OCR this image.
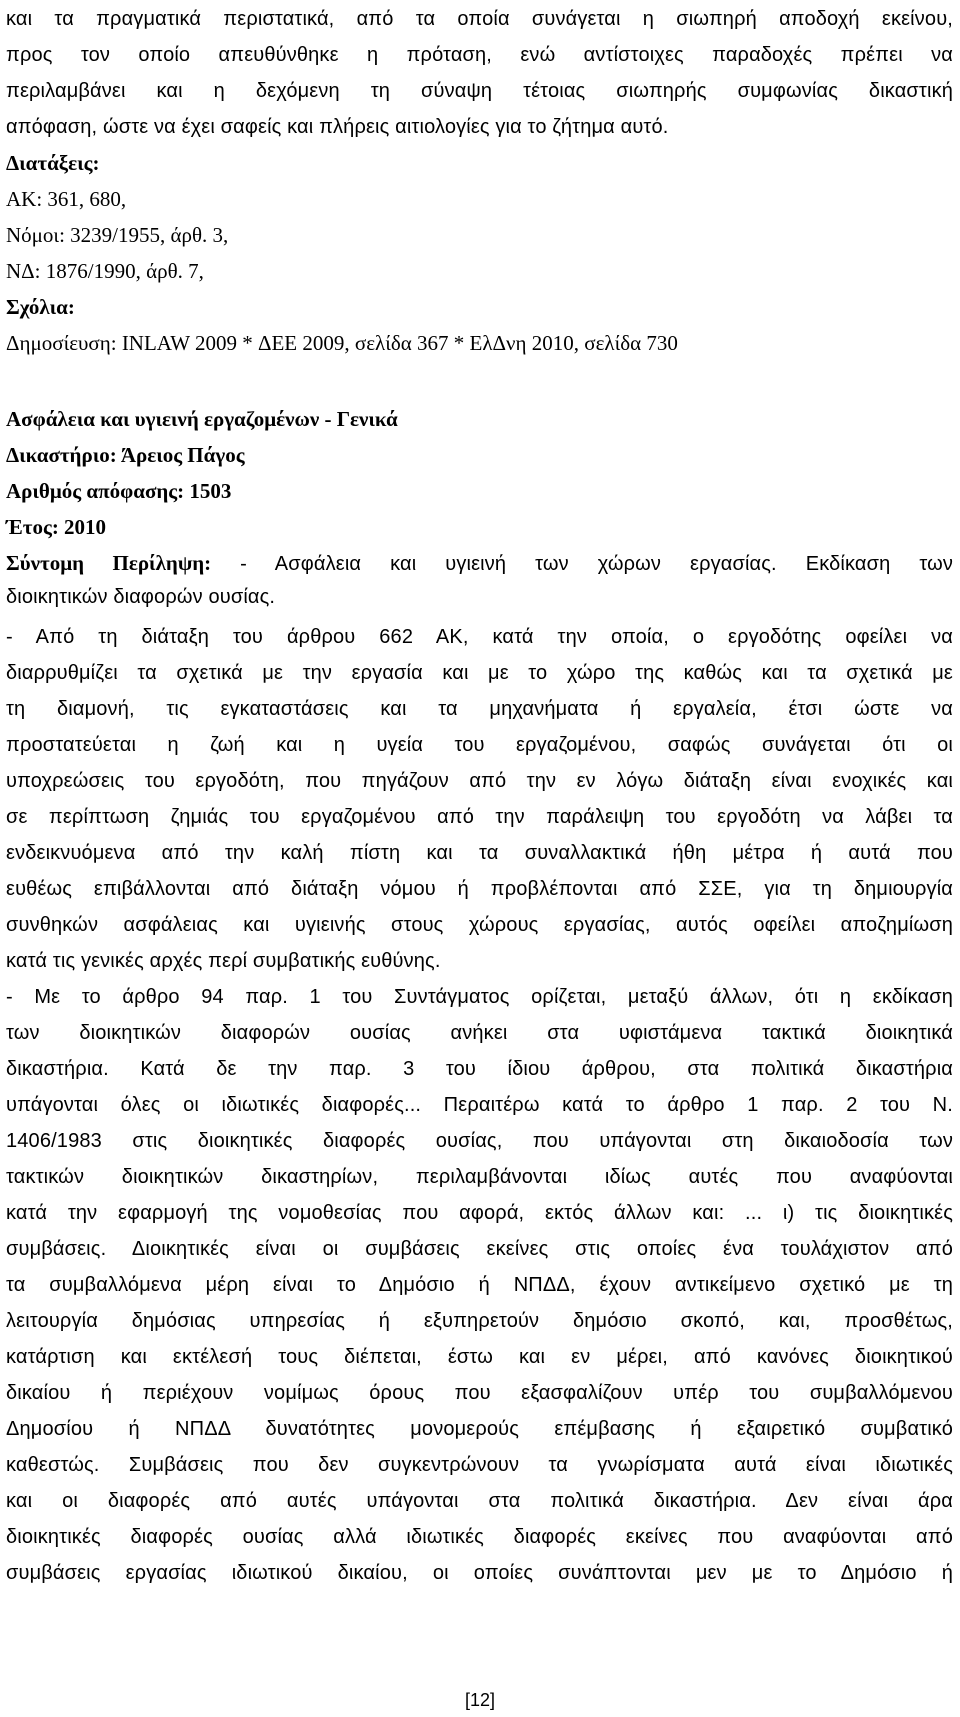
και τα πραγματικά περιστατικά, από τα οποία συνάγεται η σιωπηρή αποδοχή εκείνου,
προς τον οποίο απευθύνθηκε η πρόταση, ενώ αντίστοιχες παραδοχές πρέπει να
περιλαμβάνει και η δεχόμενη τη σύναψη τέτοιας σιωπηρής συμφωνίας δικαστική
απόφαση, ώστε να έχει σαφείς και πλήρεις αιτιολογίες για το ζήτημα αυτό.
Διατάξεις:
ΑΚ: 361, 680,
Νόμοι: 3239/1955, άρθ. 3,
ΝΔ: 1876/1990, άρθ. 7,
Σχόλια:
Δημοσίευση: INLAW 2009 * ΔΕΕ 2009, σελίδα 367 * ΕλΔνη 2010, σελίδα 730
Ασφάλεια και υγιεινή εργαζομένων - Γενικά
Δικαστήριο: Άρειος Πάγος
Αριθμός απόφασης: 1503
Έτος: 2010
Σύντομη Περίληψη: - Ασφάλεια και υγιεινή των χώρων εργασίας. Εκδίκαση των
διοικητικών διαφορών ουσίας.
- Από τη διάταξη του άρθρου 662 ΑΚ, κατά την οποία, ο εργοδότης οφείλει να
διαρρυθμίζει τα σχετικά με την εργασία και με το χώρο της καθώς και τα σχετικά με
τη διαμονή, τις εγκαταστάσεις και τα μηχανήματα ή εργαλεία, έτσι ώστε να
προστατεύεται η ζωή και η υγεία του εργαζομένου, σαφώς συνάγεται ότι οι
υποχρεώσεις του εργοδότη, που πηγάζουν από την εν λόγω διάταξη είναι ενοχικές και
σε περίπτωση ζημιάς του εργαζομένου από την παράλειψη του εργοδότη να λάβει τα
ενδεικνυόμενα από την καλή πίστη και τα συναλλακτικά ήθη μέτρα ή αυτά που
ευθέως επιβάλλονται από διάταξη νόμου ή προβλέπονται από ΣΣΕ, για τη δημιουργία
συνθηκών ασφάλειας και υγιεινής στους χώρους εργασίας, αυτός οφείλει αποζημίωση
κατά τις γενικές αρχές περί συμβατικής ευθύνης.
- Με το άρθρο 94 παρ. 1 του Συντάγματος ορίζεται, μεταξύ άλλων, ότι η εκδίκαση
των διοικητικών διαφορών ουσίας ανήκει στα υφιστάμενα τακτικά διοικητικά
δικαστήρια. Κατά δε την παρ. 3 του ίδιου άρθρου, στα πολιτικά δικαστήρια
υπάγονται όλες οι ιδιωτικές διαφορές... Περαιτέρω κατά το άρθρο 1 παρ. 2 του Ν.
1406/1983 στις διοικητικές διαφορές ουσίας, που υπάγονται στη δικαιοδοσία των
τακτικών διοικητικών δικαστηρίων, περιλαμβάνονται ιδίως αυτές που αναφύονται
κατά την εφαρμογή της νομοθεσίας που αφορά, εκτός άλλων και: ... ι) τις διοικητικές
συμβάσεις. Διοικητικές είναι οι συμβάσεις εκείνες στις οποίες ένα τουλάχιστον από
τα συμβαλλόμενα μέρη είναι το Δημόσιο ή ΝΠΔΔ, έχουν αντικείμενο σχετικό με τη
λειτουργία δημόσιας υπηρεσίας ή εξυπηρετούν δημόσιο σκοπό, και, προσθέτως,
κατάρτιση και εκτέλεσή τους διέπεται, έστω και εν μέρει, από κανόνες διοικητικού
δικαίου ή περιέχουν νομίμως όρους που εξασφαλίζουν υπέρ του συμβαλλόμενου
Δημοσίου ή ΝΠΔΔ δυνατότητες μονομερούς επέμβασης ή εξαιρετικό συμβατικό
καθεστώς. Συμβάσεις που δεν συγκεντρώνουν τα γνωρίσματα αυτά είναι ιδιωτικές
και οι διαφορές από αυτές υπάγονται στα πολιτικά δικαστήρια. Δεν είναι άρα
διοικητικές διαφορές ουσίας αλλά ιδιωτικές διαφορές εκείνες που αναφύονται από
συμβάσεις εργασίας ιδιωτικού δικαίου, οι οποίες συνάπτονται μεν με το Δημόσιο ή
[12]
